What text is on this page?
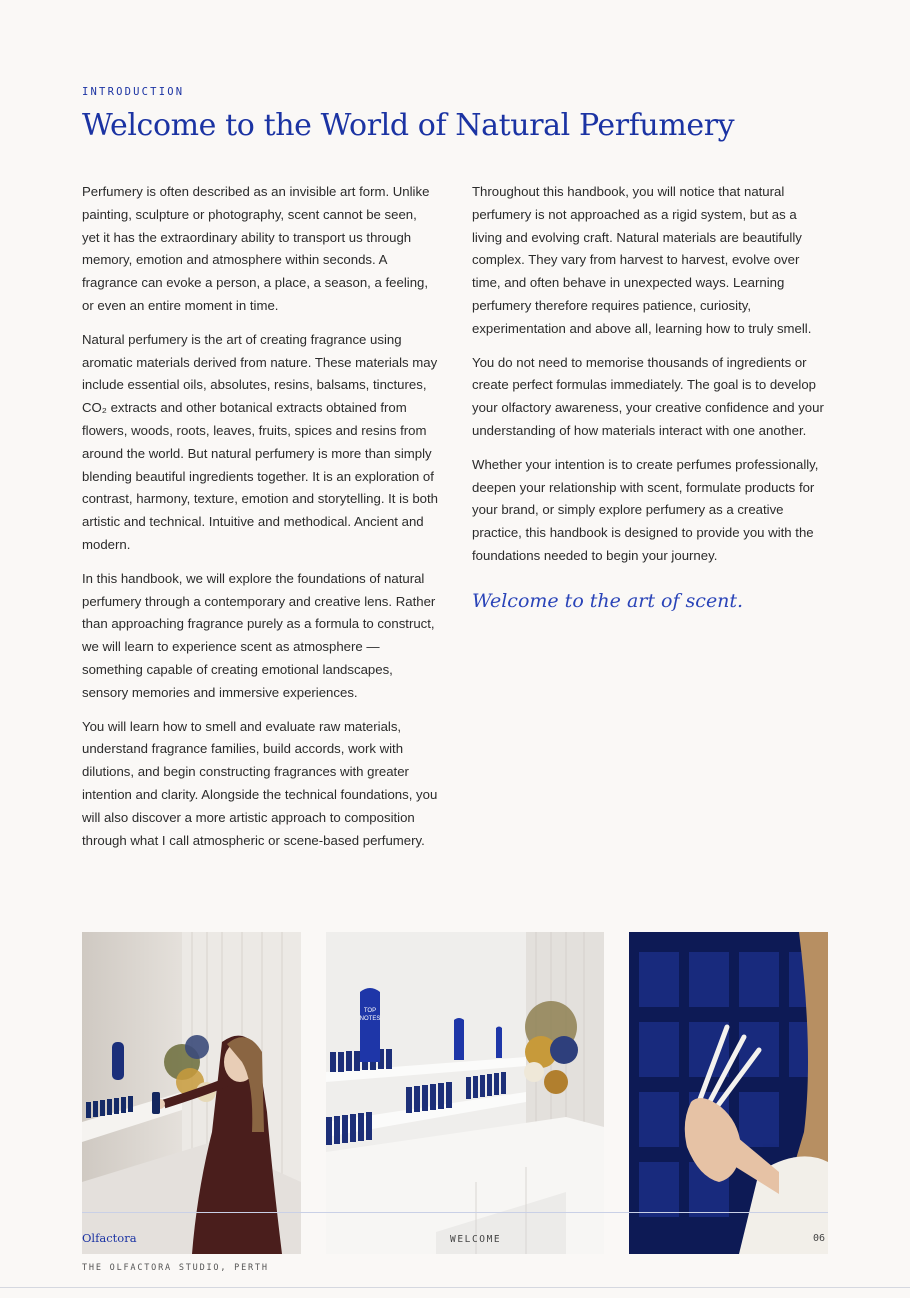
INTRODUCTION
Welcome to the World of Natural Perfumery

Perfumery is often described as an invisible art form. Unlike painting, sculpture or photography, scent cannot be seen, yet it has the extraordinary ability to transport us through memory, emotion and atmosphere within seconds. A fragrance can evoke a person, a place, a season, a feeling, or even an entire moment in time.

Natural perfumery is the art of creating fragrance using aromatic materials derived from nature. These materials may include essential oils, absolutes, resins, balsams, tinctures, CO₂ extracts and other botanical extracts obtained from flowers, woods, roots, leaves, fruits, spices and resins from around the world. But natural perfumery is more than simply blending beautiful ingredients together. It is an exploration of contrast, harmony, texture, emotion and storytelling. It is both artistic and technical. Intuitive and methodical. Ancient and modern.

In this handbook, we will explore the foundations of natural perfumery through a contemporary and creative lens. Rather than approaching fragrance purely as a formula to construct, we will learn to experience scent as atmosphere — something capable of creating emotional landscapes, sensory memories and immersive experiences.

You will learn how to smell and evaluate raw materials, understand fragrance families, build accords, work with dilutions, and begin constructing fragrances with greater intention and clarity. Alongside the technical foundations, you will also discover a more artistic approach to composition through what I call atmospheric or scene-based perfumery.

Throughout this handbook, you will notice that natural perfumery is not approached as a rigid system, but as a living and evolving craft. Natural materials are beautifully complex. They vary from harvest to harvest, evolve over time, and often behave in unexpected ways. Learning perfumery therefore requires patience, curiosity, experimentation and above all, learning how to truly smell.

You do not need to memorise thousands of ingredients or create perfect formulas immediately. The goal is to develop your olfactory awareness, your creative confidence and your understanding of how materials interact with one another.

Whether your intention is to create perfumes professionally, deepen your relationship with scent, formulate products for your brand, or simply explore perfumery as a creative practice, this handbook is designed to provide you with the foundations needed to begin your journey.

Welcome to the art of scent.

TOP
NOTES
Olfactora	WELCOME	06
THE OLFACTORA STUDIO, PERTH
